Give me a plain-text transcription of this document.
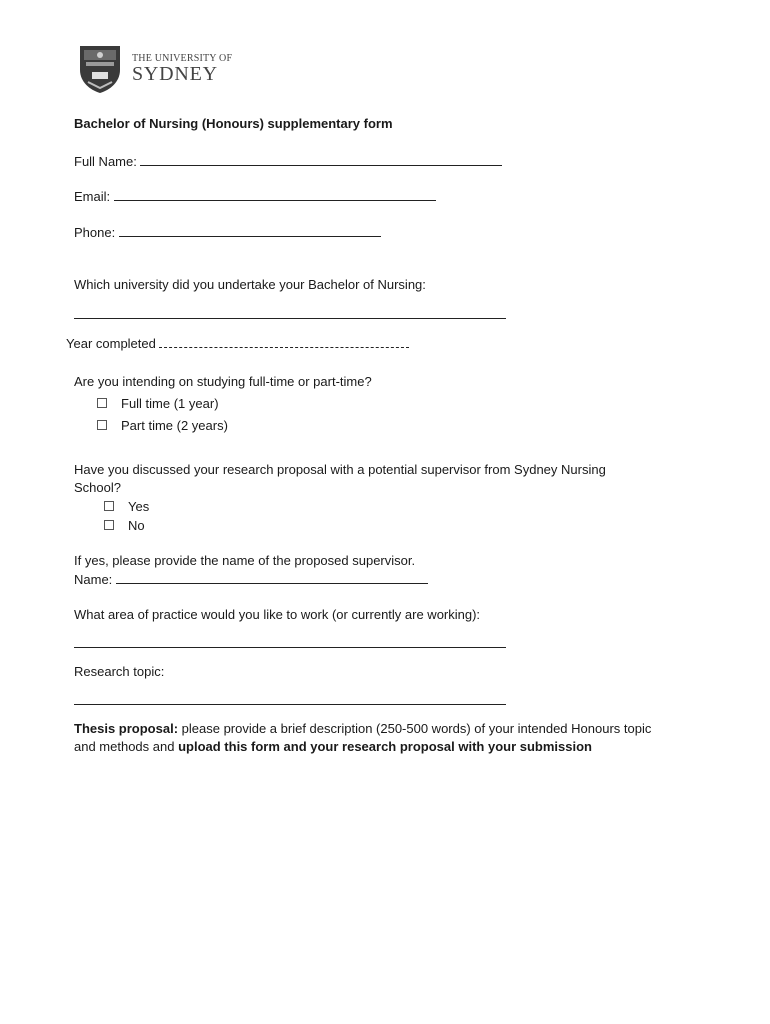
THE UNIVERSITY OF
SYDNEY
Bachelor of Nursing (Honours) supplementary form
Full Name:
Email:
Phone:
Which university did you undertake your Bachelor of Nursing:
Year completed
Are you intending on studying full-time or part-time?
Full time (1 year)
Part time (2 years)
Have you discussed your research proposal with a potential supervisor from Sydney Nursing
School?
Yes
No
If yes, please provide the name of the proposed supervisor.
Name:
What area of practice would you like to work (or currently are working):
Research topic:
Thesis proposal: please provide a brief description (250-500 words) of your intended Honours topic
and methods and upload this form and your research proposal with your submission
